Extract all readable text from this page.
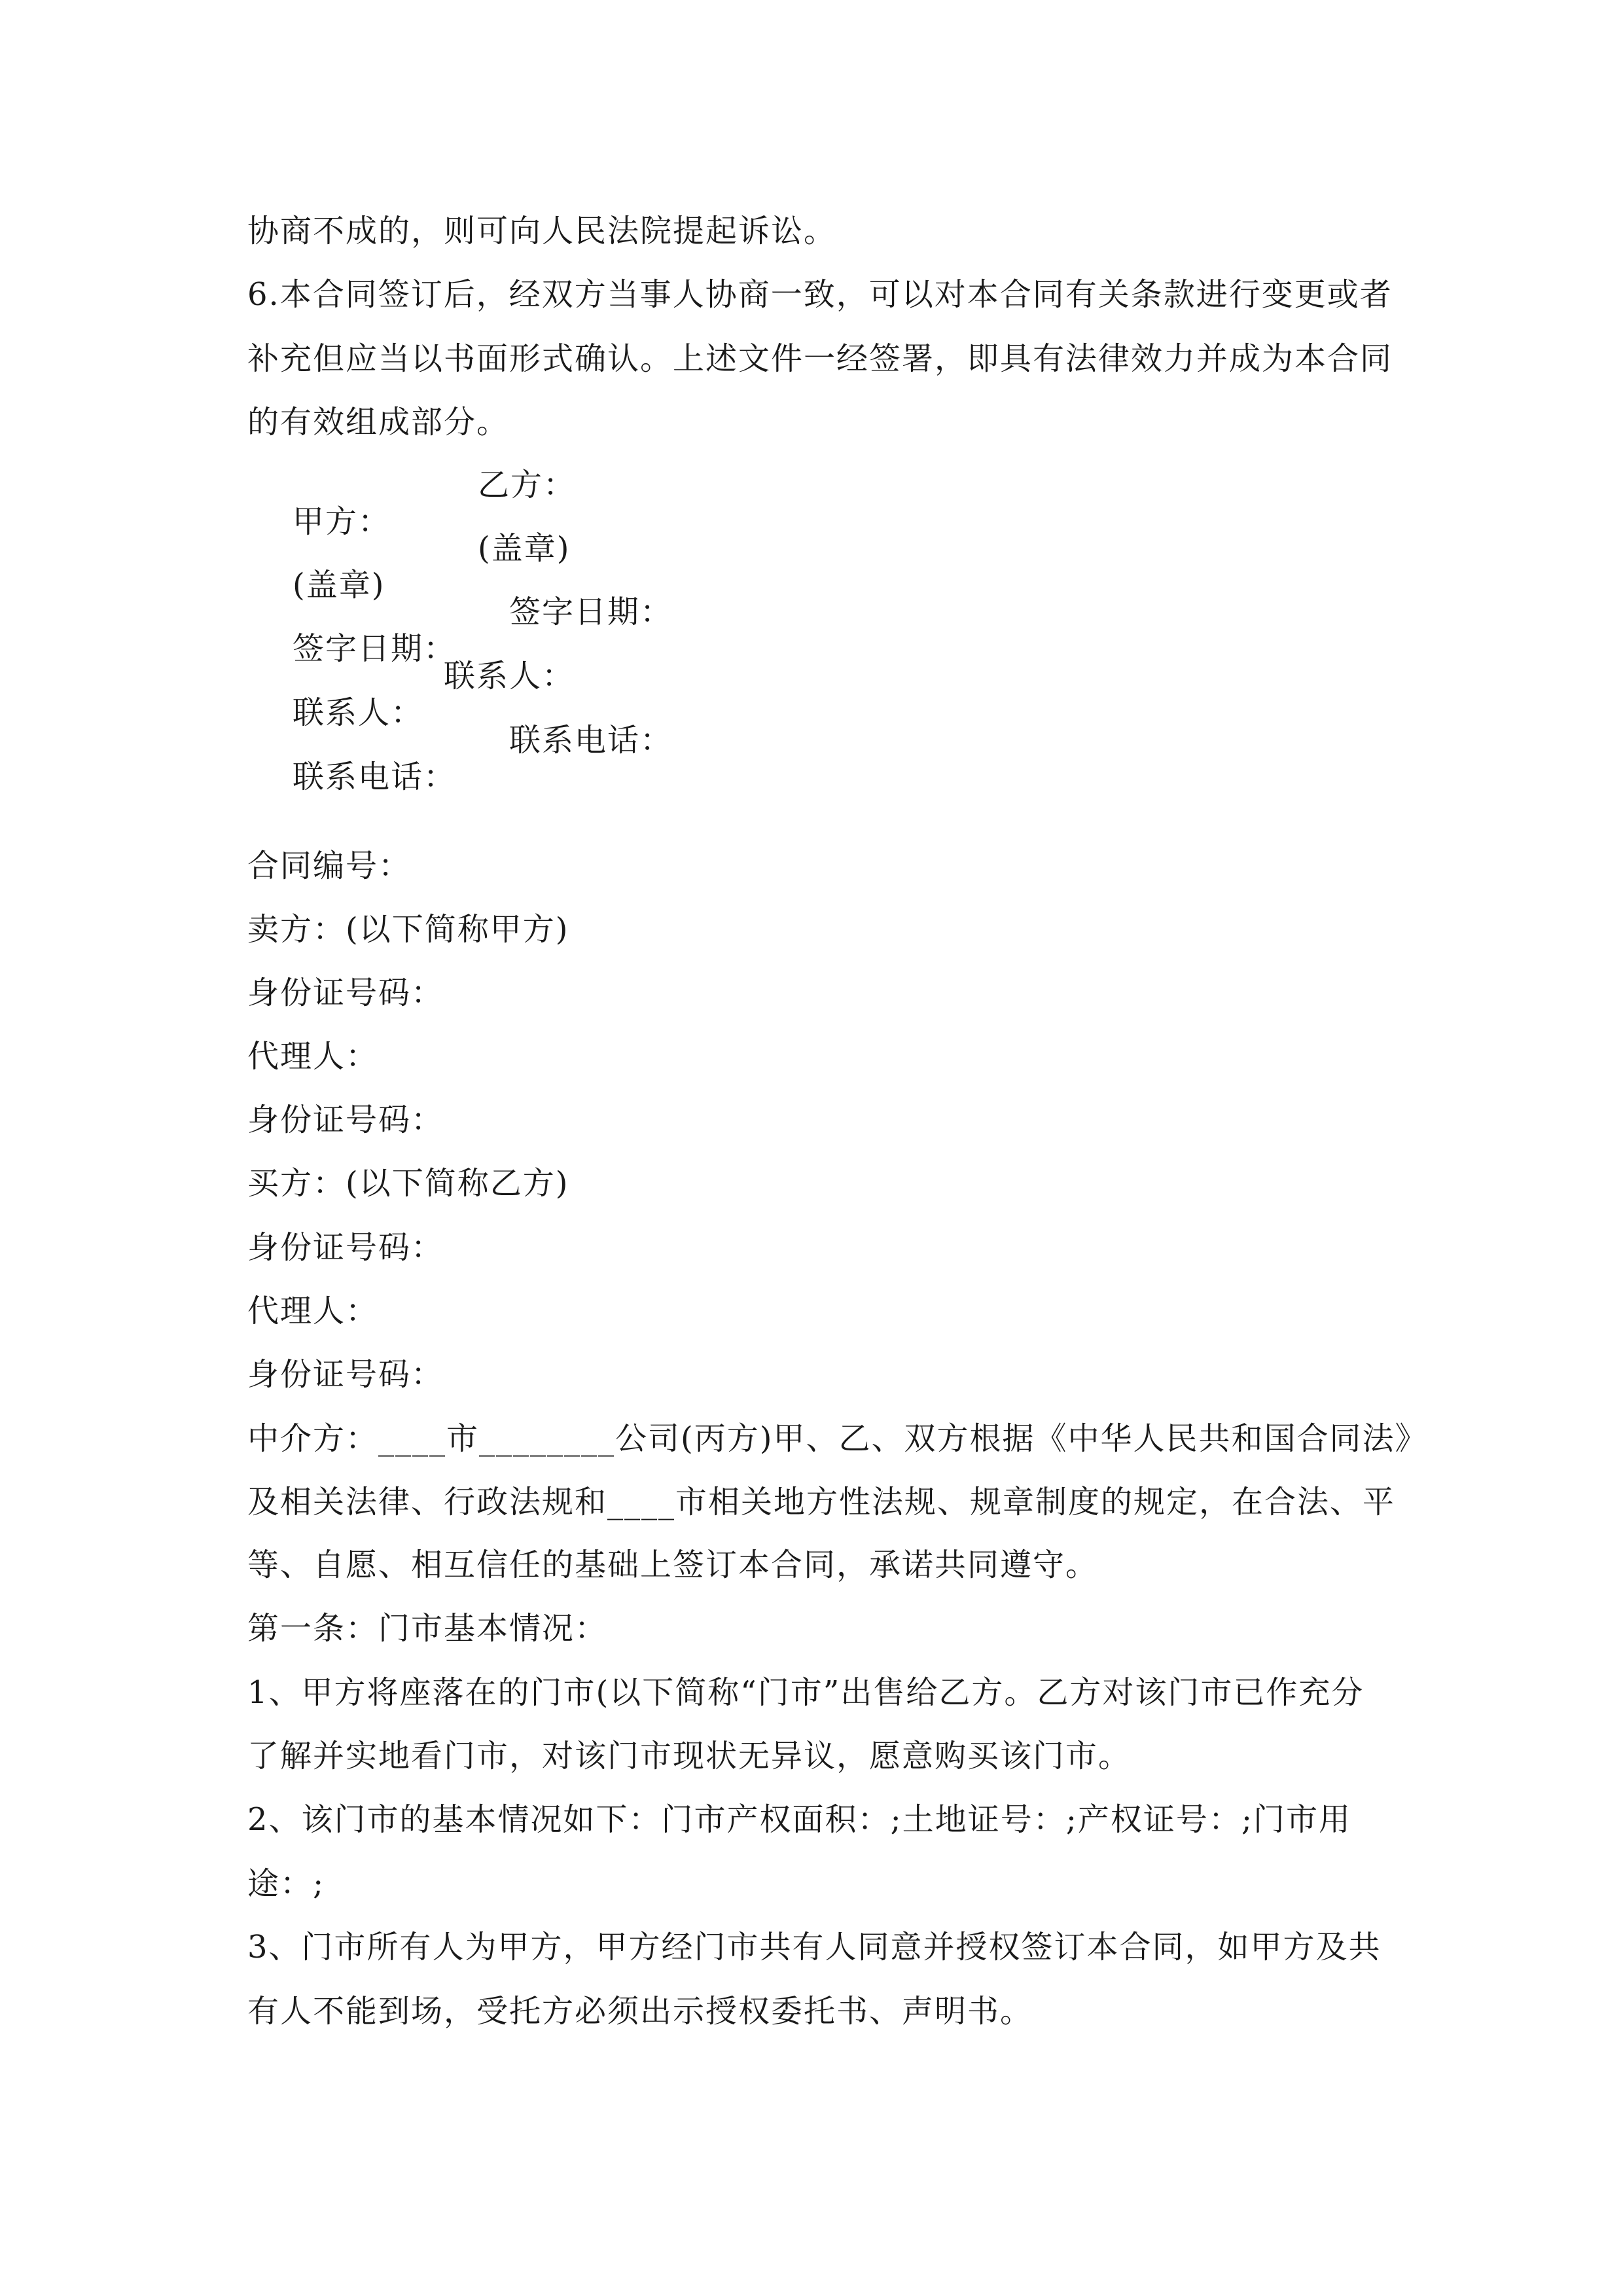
协商不成的，则可向人民法院提起诉讼。
6.本合同签订后，经双方当事人协商一致，可以对本合同有关条款进行变更或者
补充但应当以书面形式确认。上述文件一经签署，即具有法律效力并成为本合同
的有效组成部分。

甲方：

乙方：

(盖章)

(盖章)

签字日期：

签字日期：

联系人：

联系人：

联系电话：

联系电话：

合同编号：
卖方：(以下简称甲方)
身份证号码：
代理人：
身份证号码：
买方：(以下简称乙方)
身份证号码：
代理人：
身份证号码：
中介方：____市________公司(丙方)甲、乙、双方根据《中华人民共和国合同法》
及相关法律、行政法规和____市相关地方性法规、规章制度的规定，在合法、平
等、自愿、相互信任的基础上签订本合同，承诺共同遵守。
第一条：门市基本情况：
1、甲方将座落在的门市(以下简称“门市”出售给乙方。乙方对该门市已作充分
了解并实地看门市，对该门市现状无异议，愿意购买该门市。
2、该门市的基本情况如下：门市产权面积：;土地证号：;产权证号：;门市用
途：;
3、门市所有人为甲方，甲方经门市共有人同意并授权签订本合同，如甲方及共
有人不能到场，受托方必须出示授权委托书、声明书。
